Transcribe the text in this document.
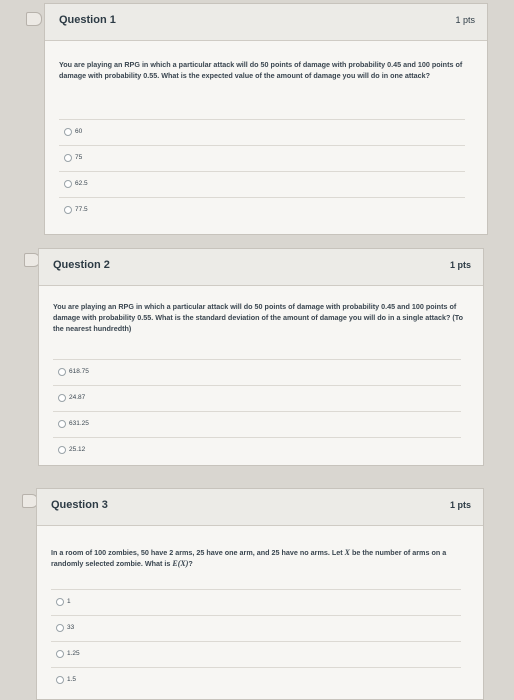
Question 1	1 pts
You are playing an RPG in which a particular attack will do 50 points of damage with probability 0.45 and 100 points of damage with probability 0.55. What is the expected value of the amount of damage you will do in one attack?
60
75
62.5
77.5
Question 2	1 pts
You are playing an RPG in which a particular attack will do 50 points of damage with probability 0.45 and 100 points of damage with probability 0.55. What is the standard deviation of the amount of damage you will do in a single attack? (To the nearest hundredth)
618.75
24.87
631.25
25.12
Question 3	1 pts
In a room of 100 zombies, 50 have 2 arms, 25 have one arm, and 25 have no arms. Let X be the number of arms on a randomly selected zombie. What is E(X)?
1
33
1.25
1.5
